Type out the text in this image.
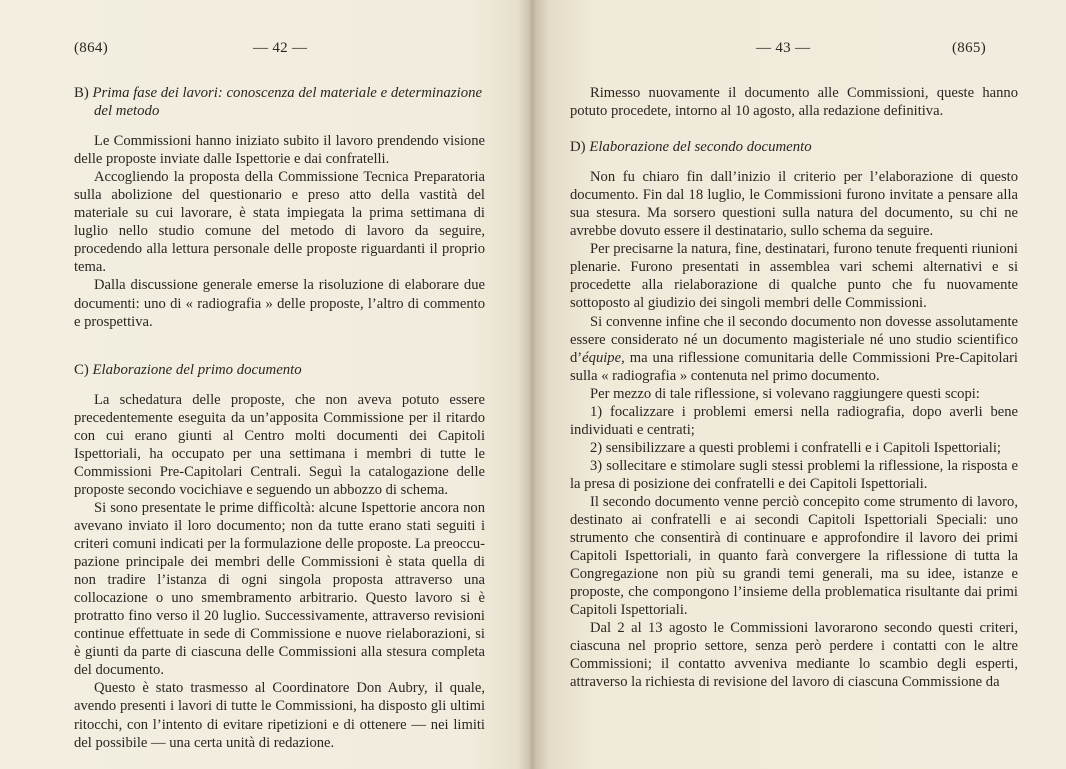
(864)	— 42 —
B) Prima fase dei lavori: conoscenza del materiale e determinazione
del metodo

Le Commissioni hanno iniziato subito il lavoro prendendo visione delle proposte inviate dalle Ispettorie e dai confratelli.

Accogliendo la proposta della Commissione Tecnica Preparatoria sulla abolizione del questionario e preso atto della vastità del materiale su cui lavorare, è stata impiegata la prima settimana di luglio nello studio comune del metodo di lavoro da seguire, procedendo alla lettura personale delle proposte riguardanti il proprio tema.

Dalla discussione generale emerse la risoluzione di elaborare due documenti: uno di « radiografia » delle proposte, l’altro di commento e prospettiva.

C) Elaborazione del primo documento

La schedatura delle proposte, che non aveva potuto essere precedentemente eseguita da un’apposita Commissione per il ritardo con cui erano giunti al Centro molti documenti dei Capitoli Ispettoriali, ha occupato per una settimana i membri di tutte le Commissioni Pre-Capitolari Centrali. Seguì la catalogazione delle proposte secondo vocichiave e seguendo un abbozzo di schema.

Si sono presentate le prime difficoltà: alcune Ispettorie ancora non avevano inviato il loro documento; non da tutte erano stati seguiti i criteri comuni indicati per la formulazione delle proposte. La preoccupazione principale dei membri delle Commissioni è stata quella di non tradire l’istanza di ogni singola proposta attraverso una collocazione o uno smembramento arbitrario. Questo lavoro si è protratto fino verso il 20 luglio. Successivamente, attraverso revisioni continue effettuate in sede di Commissione e nuove rielaborazioni, si è giunti da parte di ciascuna delle Commissioni alla stesura completa del documento.

Questo è stato trasmesso al Coordinatore Don Aubry, il quale, avendo presenti i lavori di tutte le Commissioni, ha disposto gli ultimi ritocchi, con l’intento di evitare ripetizioni e di ottenere — nei limiti del possibile — una certa unità di redazione.

— 43 —	(865)

Rimesso nuovamente il documento alle Commissioni, queste hanno potuto procedete, intorno al 10 agosto, alla redazione definitiva.

D) Elaborazione del secondo documento

Non fu chiaro fin dall’inizio il criterio per l’elaborazione di questo documento. Fin dal 18 luglio, le Commissioni furono invitate a pensare alla sua stesura. Ma sorsero questioni sulla natura del documento, su chi ne avrebbe dovuto essere il destinatario, sullo schema da seguire.

Per precisarne la natura, fine, destinatari, furono tenute frequenti riunioni plenarie. Furono presentati in assemblea vari schemi alternativi e si procedette alla rielaborazione di qualche punto che fu nuovamente sottoposto al giudizio dei singoli membri delle Commissioni.

Si convenne infine che il secondo documento non dovesse assolutamente essere considerato né un documento magisteriale né uno studio scientifico d’équipe, ma una riflessione comunitaria delle Commissioni Pre-Capitolari sulla « radiografia » contenuta nel primo documento.

Per mezzo di tale riflessione, si volevano raggiungere questi scopi:

1) focalizzare i problemi emersi nella radiografia, dopo averli bene individuati e centrati;

2) sensibilizzare a questi problemi i confratelli e i Capitoli Ispettoriali;

3) sollecitare e stimolare sugli stessi problemi la riflessione, la risposta e la presa di posizione dei confratelli e dei Capitoli Ispettoriali.

Il secondo documento venne perciò concepito come strumento di lavoro, destinato ai confratelli e ai secondi Capitoli Ispettoriali Speciali: uno strumento che consentirà di continuare e approfondire il lavoro dei primi Capitoli Ispettoriali, in quanto farà convergere la riflessione di tutta la Congregazione non più su grandi temi generali, ma su idee, istanze e proposte, che compongono l’insieme della problematica risultante dai primi Capitoli Ispettoriali.

Dal 2 al 13 agosto le Commissioni lavorarono secondo questi criteri, ciascuna nel proprio settore, senza però perdere i contatti con le altre Commissioni; il contatto avveniva mediante lo scambio degli esperti, attraverso la richiesta di revisione del lavoro di ciascuna Commissione da
